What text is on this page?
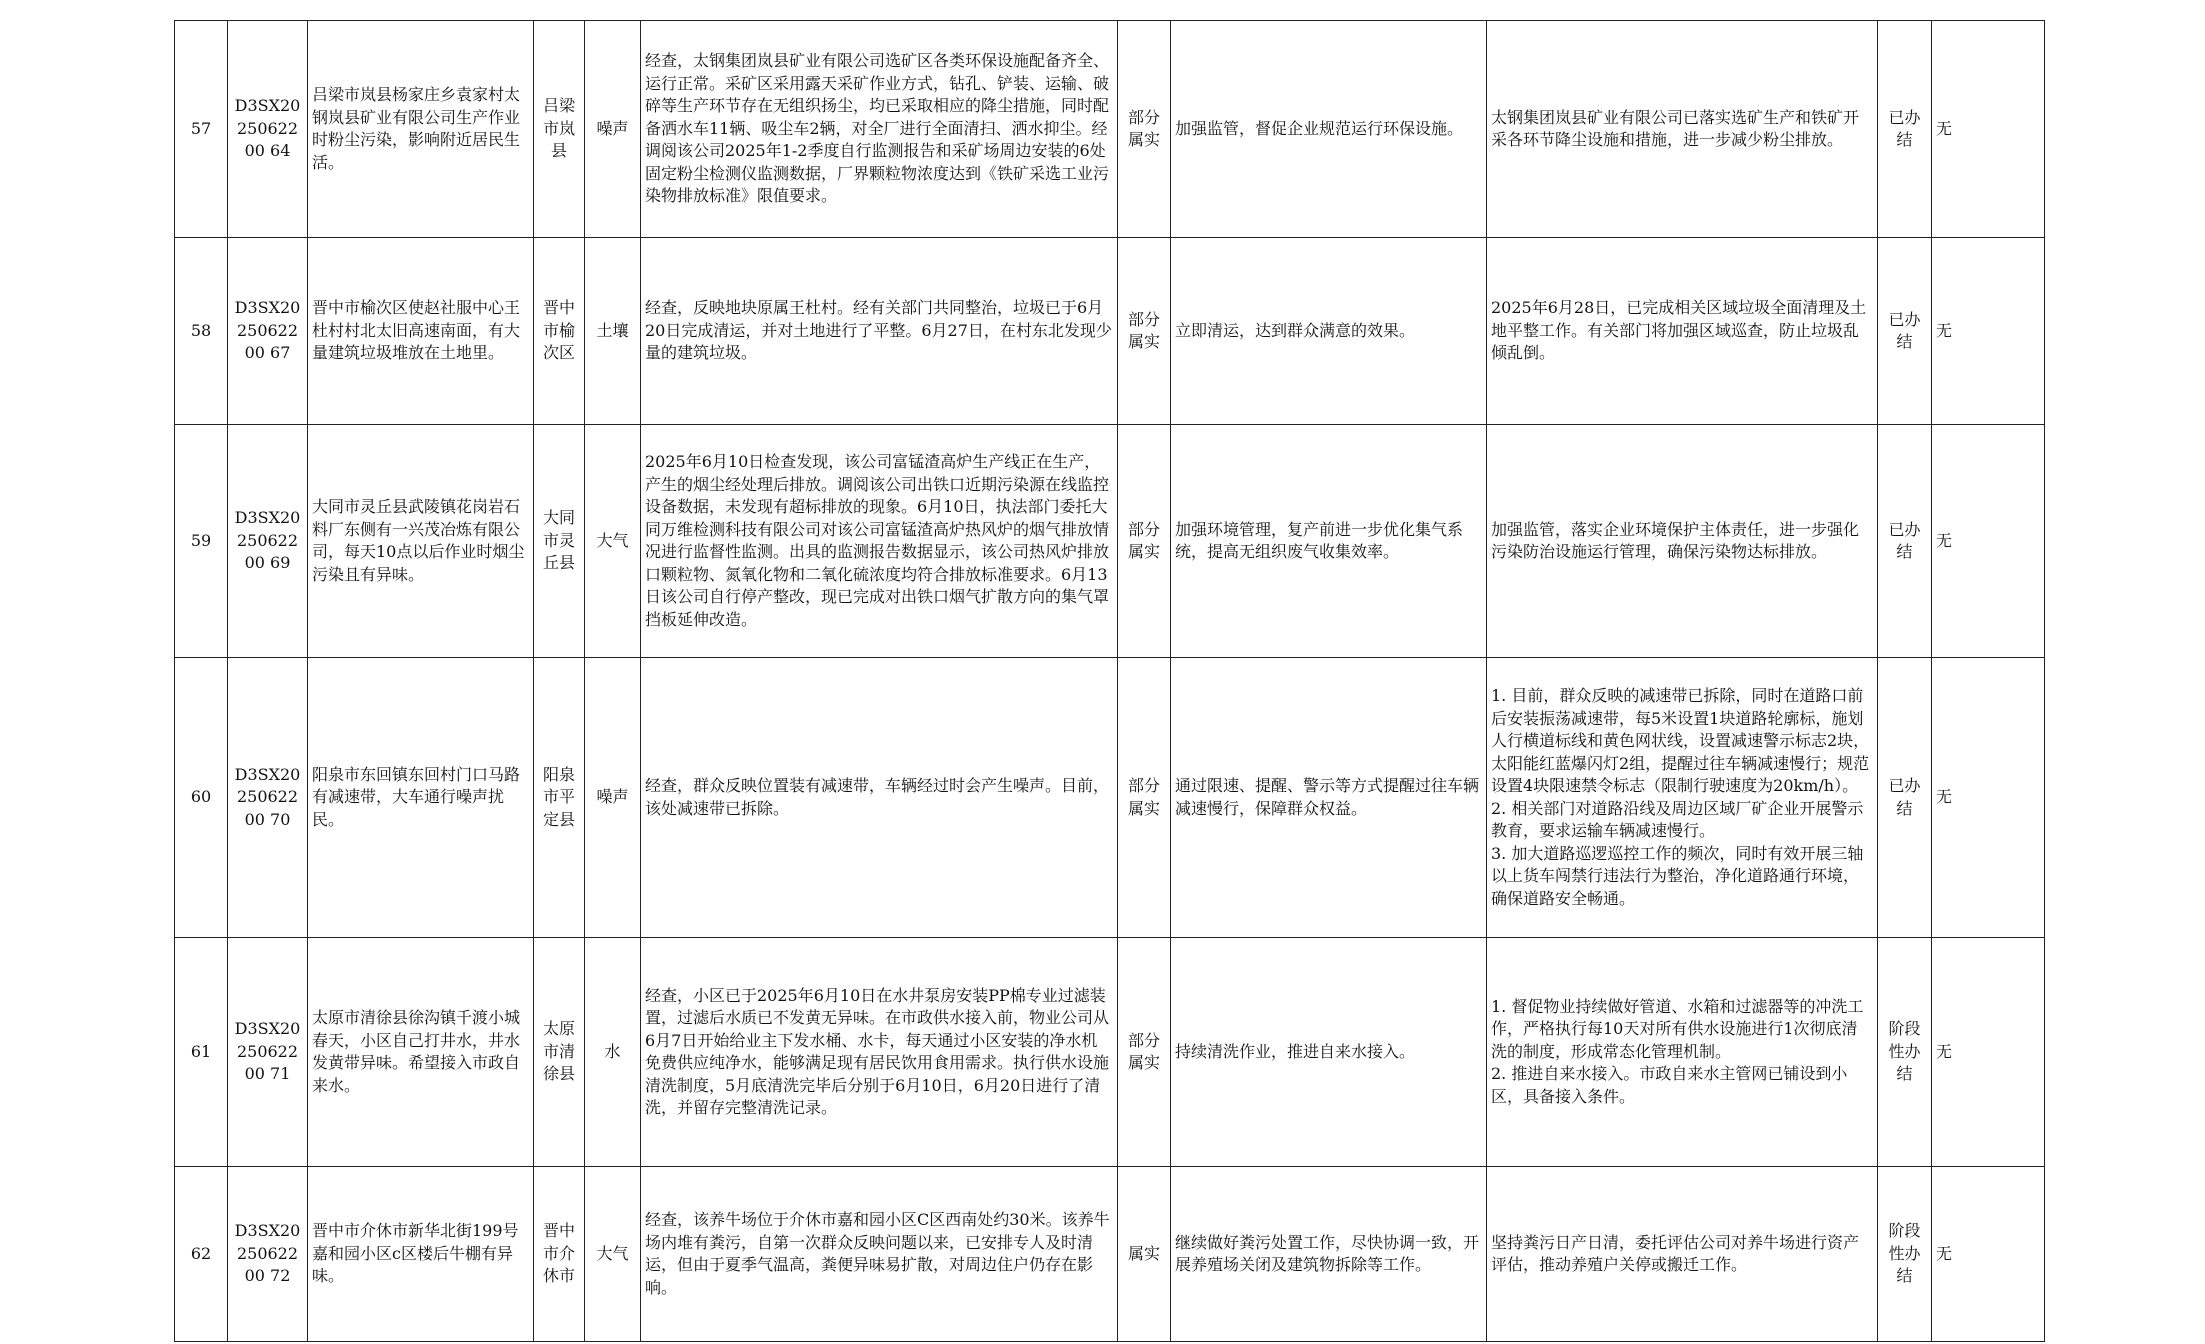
57	D3SX2025062200 64	吕梁市岚县杨家庄乡袁家村太钢岚县矿业有限公司生产作业时粉尘污染，影响附近居民生活。	吕梁市岚县	噪声	经查，太钢集团岚县矿业有限公司选矿区各类环保设施配备齐全、运行正常。采矿区采用露天采矿作业方式，钻孔、铲装、运输、破碎等生产环节存在无组织扬尘，均已采取相应的降尘措施，同时配备洒水车11辆、吸尘车2辆，对全厂进行全面清扫、洒水抑尘。经调阅该公司2025年1-2季度自行监测报告和采矿场周边安装的6处固定粉尘检测仪监测数据，厂界颗粒物浓度达到《铁矿采选工业污染物排放标准》限值要求。	部分属实	加强监管，督促企业规范运行环保设施。	太钢集团岚县矿业有限公司已落实选矿生产和铁矿开采各环节降尘设施和措施，进一步减少粉尘排放。	已办结	无
58	D3SX2025062200 67	晋中市榆次区使赵社服中心王杜村村北太旧高速南面，有大量建筑垃圾堆放在土地里。	晋中市榆次区	土壤	经查，反映地块原属王杜村。经有关部门共同整治，垃圾已于6月20日完成清运，并对土地进行了平整。6月27日，在村东北发现少量的建筑垃圾。	部分属实	立即清运，达到群众满意的效果。	2025年6月28日，已完成相关区域垃圾全面清理及土地平整工作。有关部门将加强区域巡查，防止垃圾乱倾乱倒。	已办结	无
59	D3SX2025062200 69	大同市灵丘县武陵镇花岗岩石料厂东侧有一兴茂冶炼有限公司，每天10点以后作业时烟尘污染且有异味。	大同市灵丘县	大气	2025年6月10日检查发现，该公司富锰渣高炉生产线正在生产，产生的烟尘经处理后排放。调阅该公司出铁口近期污染源在线监控设备数据，未发现有超标排放的现象。6月10日，执法部门委托大同万维检测科技有限公司对该公司富锰渣高炉热风炉的烟气排放情况进行监督性监测。出具的监测报告数据显示，该公司热风炉排放口颗粒物、氮氧化物和二氧化硫浓度均符合排放标准要求。6月13日该公司自行停产整改，现已完成对出铁口烟气扩散方向的集气罩挡板延伸改造。	部分属实	加强环境管理，复产前进一步优化集气系统，提高无组织废气收集效率。	加强监管，落实企业环境保护主体责任，进一步强化污染防治设施运行管理，确保污染物达标排放。	已办结	无
60	D3SX2025062200 70	阳泉市东回镇东回村门口马路有减速带，大车通行噪声扰民。	阳泉市平定县	噪声	经查，群众反映位置装有减速带，车辆经过时会产生噪声。目前，该处减速带已拆除。	部分属实	通过限速、提醒、警示等方式提醒过往车辆减速慢行，保障群众权益。	1. 目前，群众反映的减速带已拆除，同时在道路口前后安装振荡减速带，每5米设置1块道路轮廓标，施划人行横道标线和黄色网状线，设置减速警示标志2块，太阳能红蓝爆闪灯2组，提醒过往车辆减速慢行；规范设置4块限速禁令标志（限制行驶速度为20km/h）。
2. 相关部门对道路沿线及周边区域厂矿企业开展警示教育，要求运输车辆减速慢行。
3. 加大道路巡逻巡控工作的频次，同时有效开展三轴以上货车闯禁行违法行为整治，净化道路通行环境，确保道路安全畅通。	已办结	无
61	D3SX2025062200 71	太原市清徐县徐沟镇千渡小城春天，小区自己打井水，井水发黄带异味。希望接入市政自来水。	太原市清徐县	水	经查，小区已于2025年6月10日在水井泵房安装PP棉专业过滤装置，过滤后水质已不发黄无异味。在市政供水接入前，物业公司从6月7日开始给业主下发水桶、水卡，每天通过小区安装的净水机免费供应纯净水，能够满足现有居民饮用食用需求。执行供水设施清洗制度，5月底清洗完毕后分别于6月10日，6月20日进行了清洗，并留存完整清洗记录。	部分属实	持续清洗作业，推进自来水接入。	1. 督促物业持续做好管道、水箱和过滤器等的冲洗工作，严格执行每10天对所有供水设施进行1次彻底清洗的制度，形成常态化管理机制。
2. 推进自来水接入。市政自来水主管网已铺设到小区，具备接入条件。	阶段性办结	无
62	D3SX2025062200 72	晋中市介休市新华北街199号嘉和园小区c区楼后牛棚有异味。	晋中市介休市	大气	经查，该养牛场位于介休市嘉和园小区C区西南处约30米。该养牛场内堆有粪污，自第一次群众反映问题以来，已安排专人及时清运，但由于夏季气温高，粪便异味易扩散，对周边住户仍存在影响。	属实	继续做好粪污处置工作，尽快协调一致，开展养殖场关闭及建筑物拆除等工作。	坚持粪污日产日清，委托评估公司对养牛场进行资产评估，推动养殖户关停或搬迁工作。	阶段性办结	无
